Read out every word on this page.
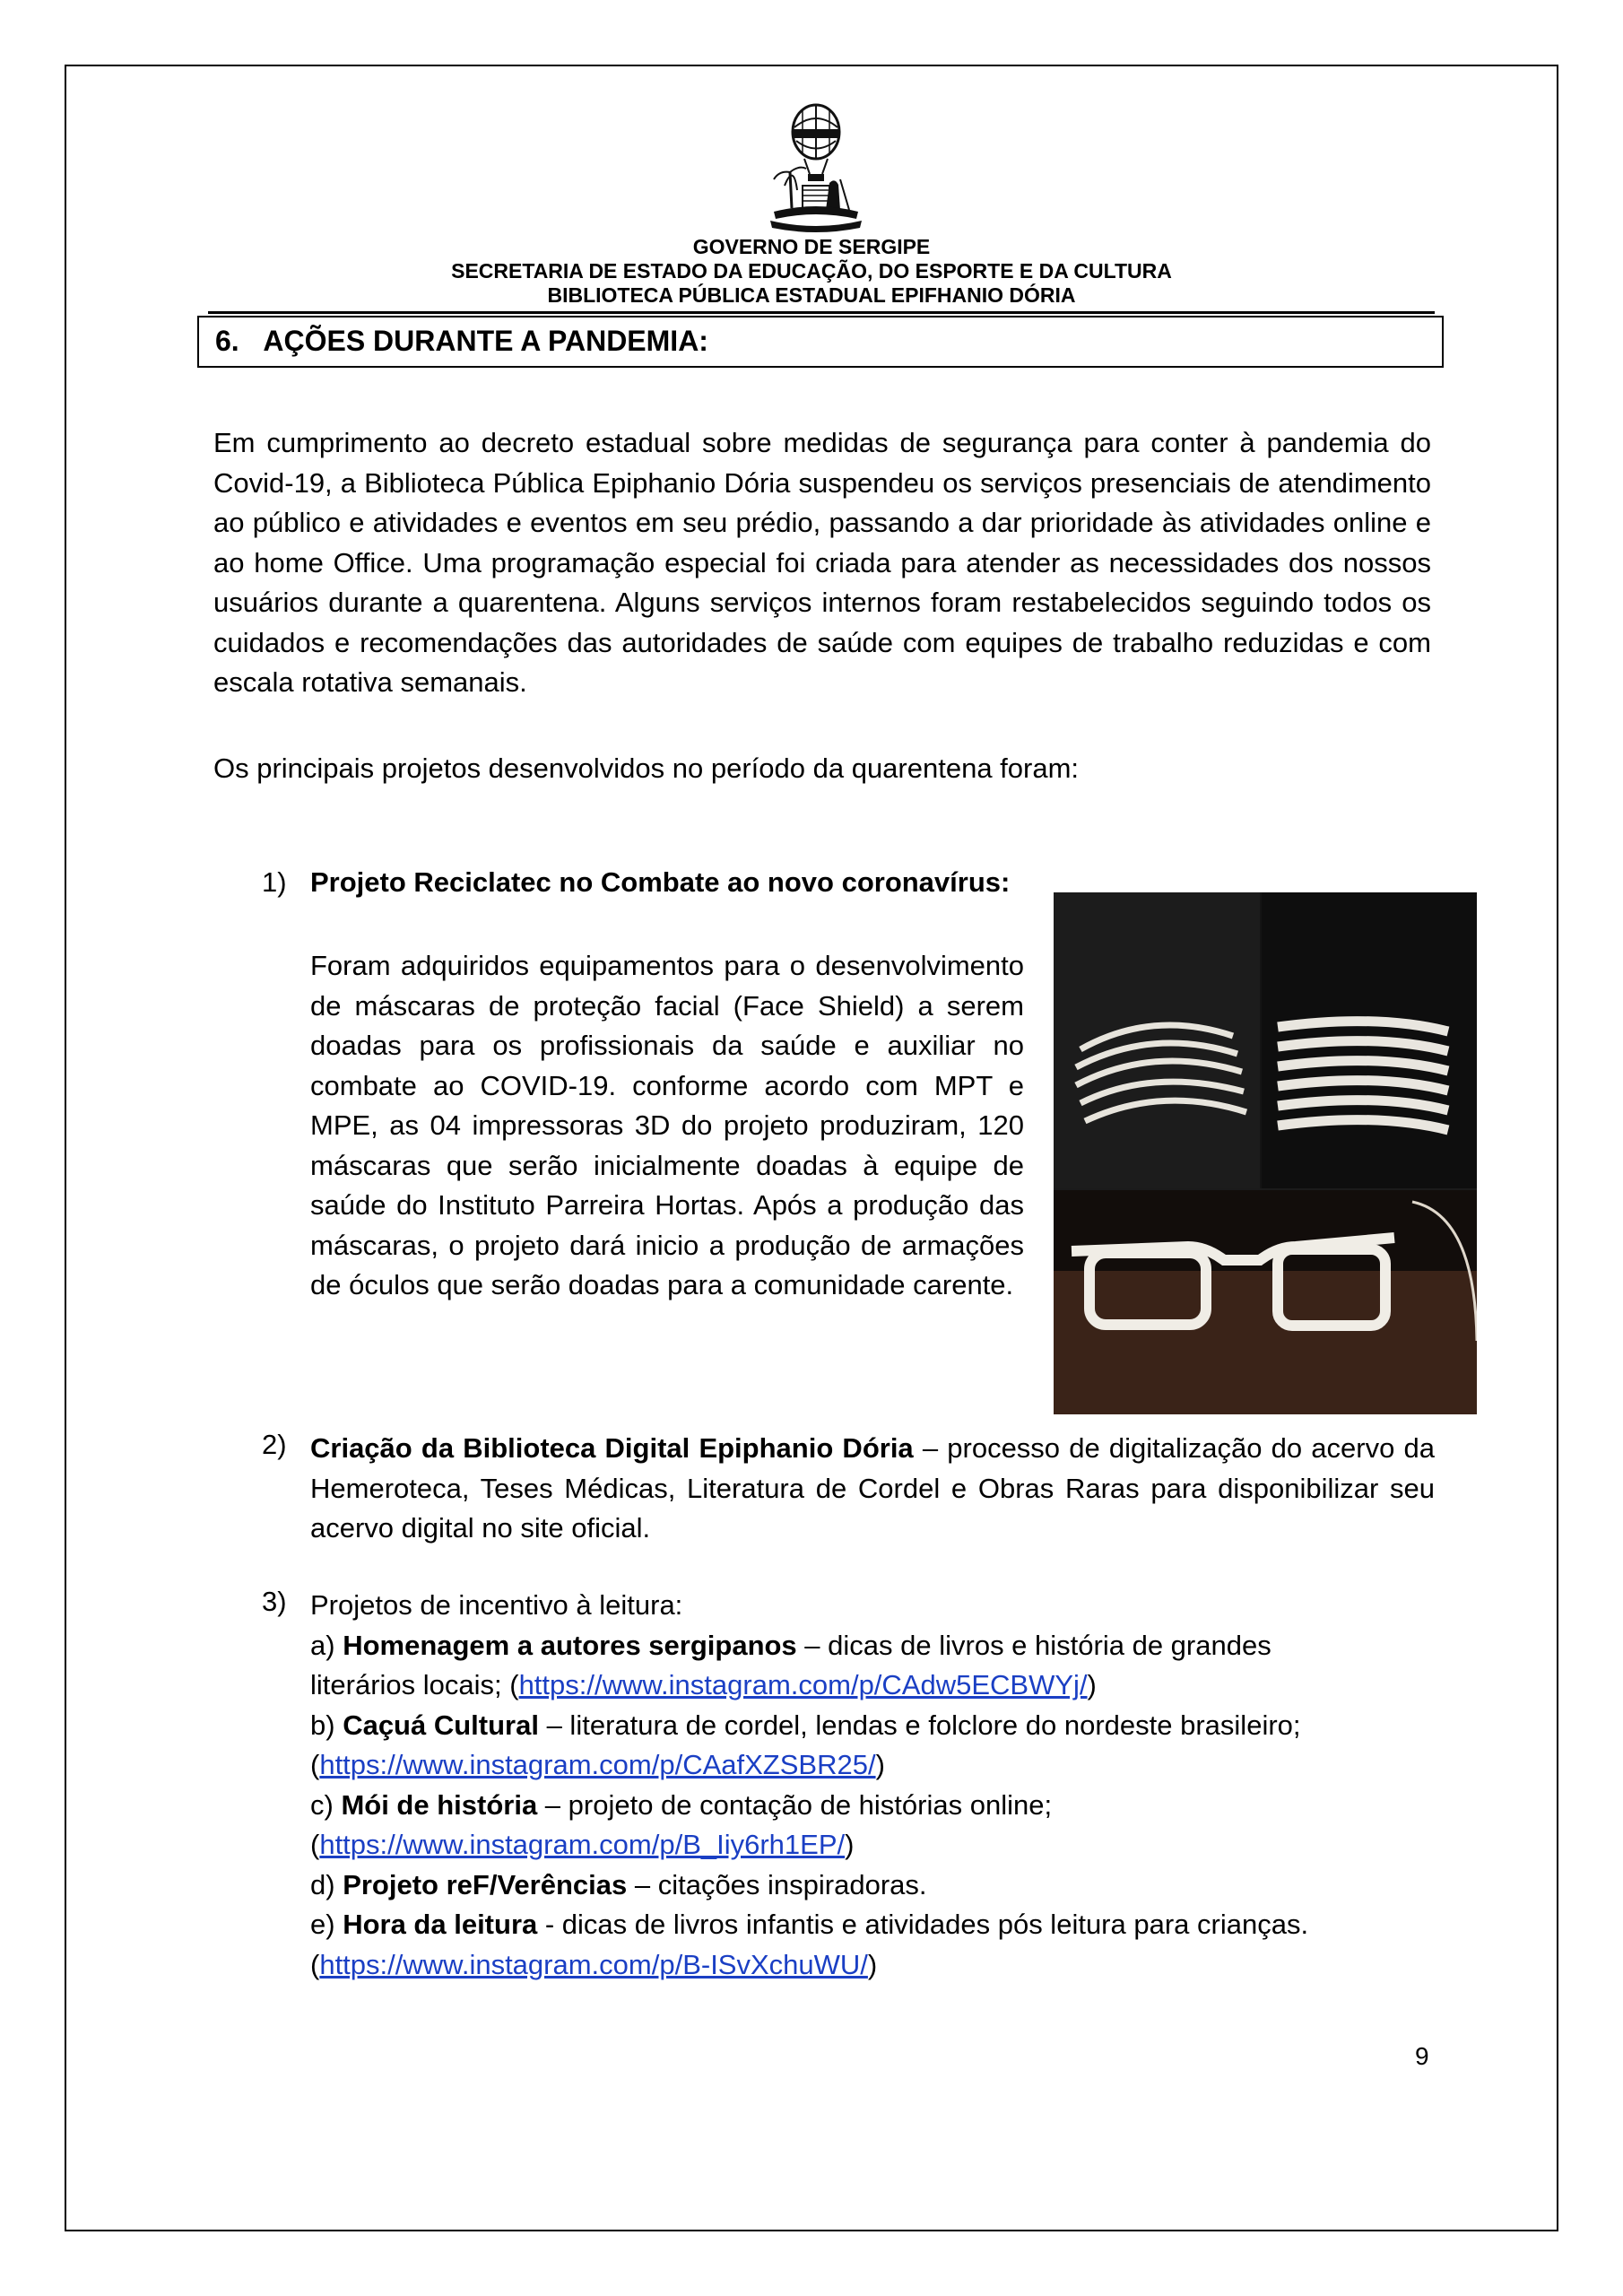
GOVERNO DE SERGIPE
SECRETARIA DE ESTADO DA EDUCAÇÃO, DO ESPORTE E DA CULTURA
BIBLIOTECA PÚBLICA ESTADUAL EPIFHANIO DÓRIA
6. AÇÕES DURANTE A PANDEMIA:
Em cumprimento ao decreto estadual sobre medidas de segurança para conter à pandemia do Covid-19, a Biblioteca Pública Epiphanio Dória suspendeu os serviços presenciais de atendimento ao público e atividades e eventos em seu prédio, passando a dar prioridade às atividades online e ao home Office. Uma programação especial foi criada para atender as necessidades dos nossos usuários durante a quarentena. Alguns serviços internos foram restabelecidos seguindo todos os cuidados e recomendações das autoridades de saúde com equipes de trabalho reduzidas e com escala rotativa semanais.
Os principais projetos desenvolvidos no período da quarentena foram:
1) Projeto Reciclatec no Combate ao novo coronavírus:
Foram adquiridos equipamentos para o desenvolvimento de máscaras de proteção facial (Face Shield) a serem doadas para os profissionais da saúde e auxiliar no combate ao COVID-19. conforme acordo com MPT e MPE, as 04 impressoras 3D do projeto produziram, 120 máscaras que serão inicialmente doadas à equipe de saúde do Instituto Parreira Hortas. Após a produção das máscaras, o projeto dará inicio a produção de armações de óculos que serão doadas para a comunidade carente.
2) Criação da Biblioteca Digital Epiphanio Dória – processo de digitalização do acervo da Hemeroteca, Teses Médicas, Literatura de Cordel e Obras Raras para disponibilizar seu acervo digital no site oficial.
3) Projetos de incentivo à leitura:
a) Homenagem a autores sergipanos – dicas de livros e história de grandes
literários locais; (https://www.instagram.com/p/CAdw5ECBWYj/)
b) Caçuá Cultural – literatura de cordel, lendas e folclore do nordeste brasileiro;
(https://www.instagram.com/p/CAafXZSBR25/)
c) Mói de história – projeto de contação de histórias online;
(https://www.instagram.com/p/B_Iiy6rh1EP/)
d) Projeto reF/Verências – citações inspiradoras.
e) Hora da leitura - dicas de livros infantis e atividades pós leitura para crianças.
(https://www.instagram.com/p/B-ISvXchuWU/)
9
